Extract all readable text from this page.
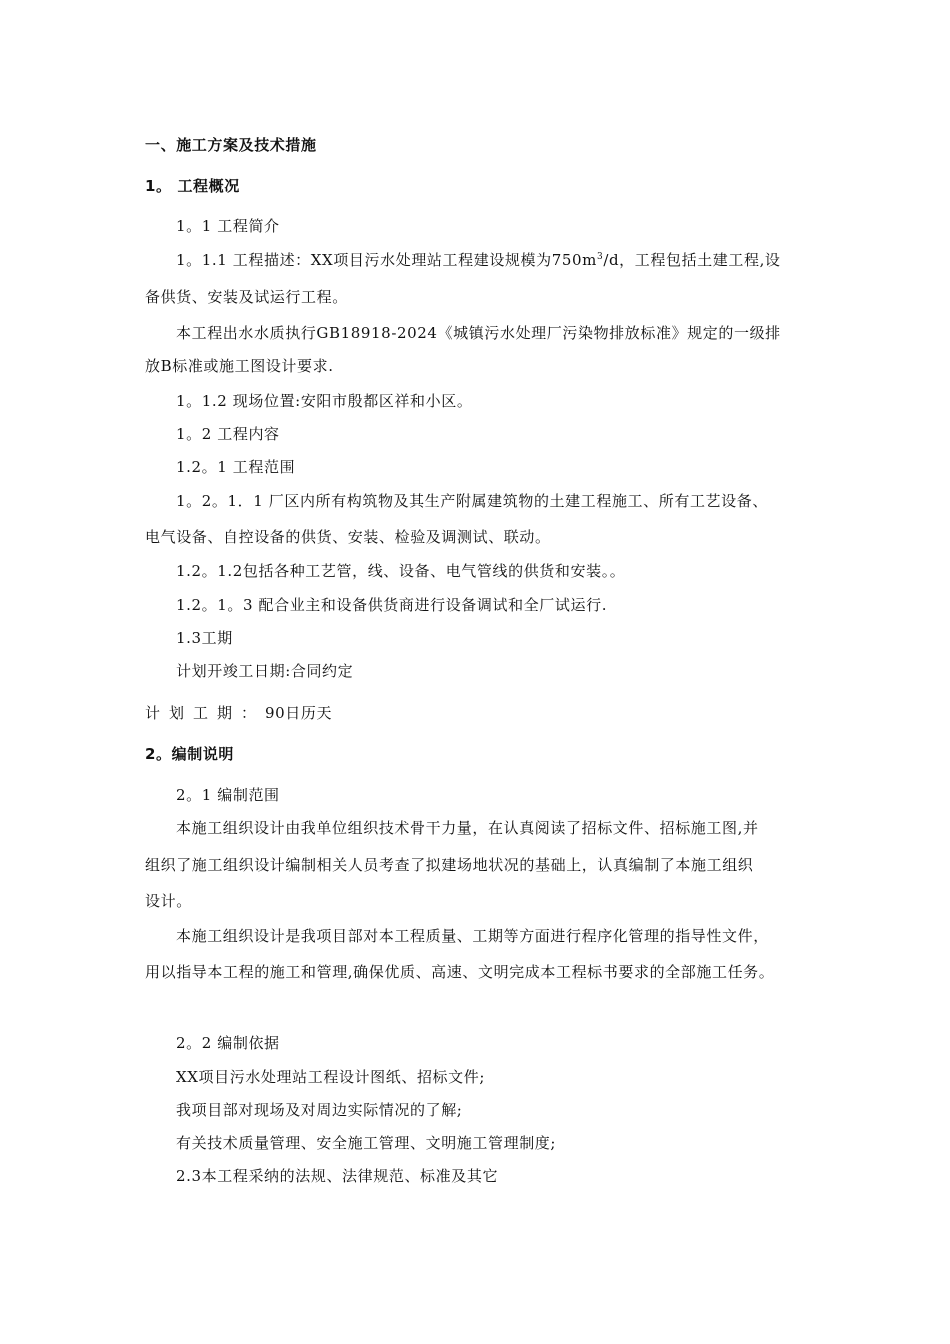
一、施工方案及技术措施
1。 工程概况
1。1 工程简介
1。1.1 工程描述：XX项目污水处理站工程建设规模为$750m^3/d$，工程包括土建工程,设
备供货、安装及试运行工程。
本工程出水水质执行GB18918-2024《城镇污水处理厂污染物排放标准》规定的一级排
放B标准或施工图设计要求.
1。1.2 现场位置:安阳市殷都区祥和小区。
1。2 工程内容
1.2。1 工程范围
1。2。1．1 厂区内所有构筑物及其生产附属建筑物的土建工程施工、所有工艺设备、
电气设备、自控设备的供货、安装、检验及调测试、联动。
1.2。1.2包括各种工艺管，线、设备、电气管线的供货和安装。。
1.2。1。3 配合业主和设备供货商进行设备调试和全厂试运行.
1.3工期
计划开竣工日期:合同约定
计划工期：90日历天
2。编制说明
2。1 编制范围
本施工组织设计由我单位组织技术骨干力量，在认真阅读了招标文件、招标施工图,并
组织了施工组织设计编制相关人员考查了拟建场地状况的基础上，认真编制了本施工组织
设计。
本施工组织设计是我项目部对本工程质量、工期等方面进行程序化管理的指导性文件，
用以指导本工程的施工和管理,确保优质、高速、文明完成本工程标书要求的全部施工任务。
2。2 编制依据
XX项目污水处理站工程设计图纸、招标文件;
我项目部对现场及对周边实际情况的了解;
有关技术质量管理、安全施工管理、文明施工管理制度;
2.3本工程采纳的法规、法律规范、标准及其它
